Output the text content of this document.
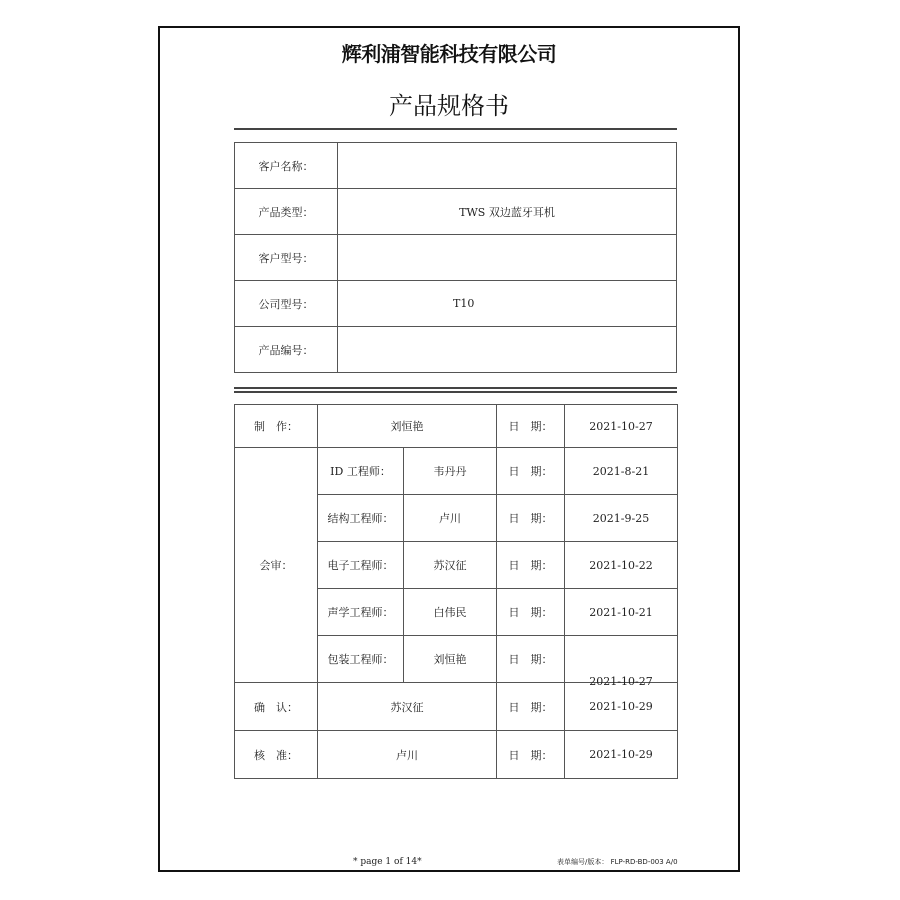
辉利浦智能科技有限公司
产品规格书
客户名称：	
产品类型：	TWS 双边蓝牙耳机
客户型号：	
公司型号：	T10
产品编号：	
制　作：	刘恒艳		日　期：	2021-10-27
会审：	ID 工程师：	韦丹丹	日　期：	2021-8-21
	结构工程师：	卢川	日　期：	2021-9-25
	电子工程师：	苏汉征	日　期：	2021-10-22
	声学工程师：	白伟民	日　期：	2021-10-21
	包装工程师：	刘恒艳	日　期：	2021-10-27
确　认：	苏汉征		日　期：	2021-10-29
核　准：	卢川		日　期：	2021-10-29
* page 1 of 14*	表单编号/版本： FLP-RD-BD-003 A/0
